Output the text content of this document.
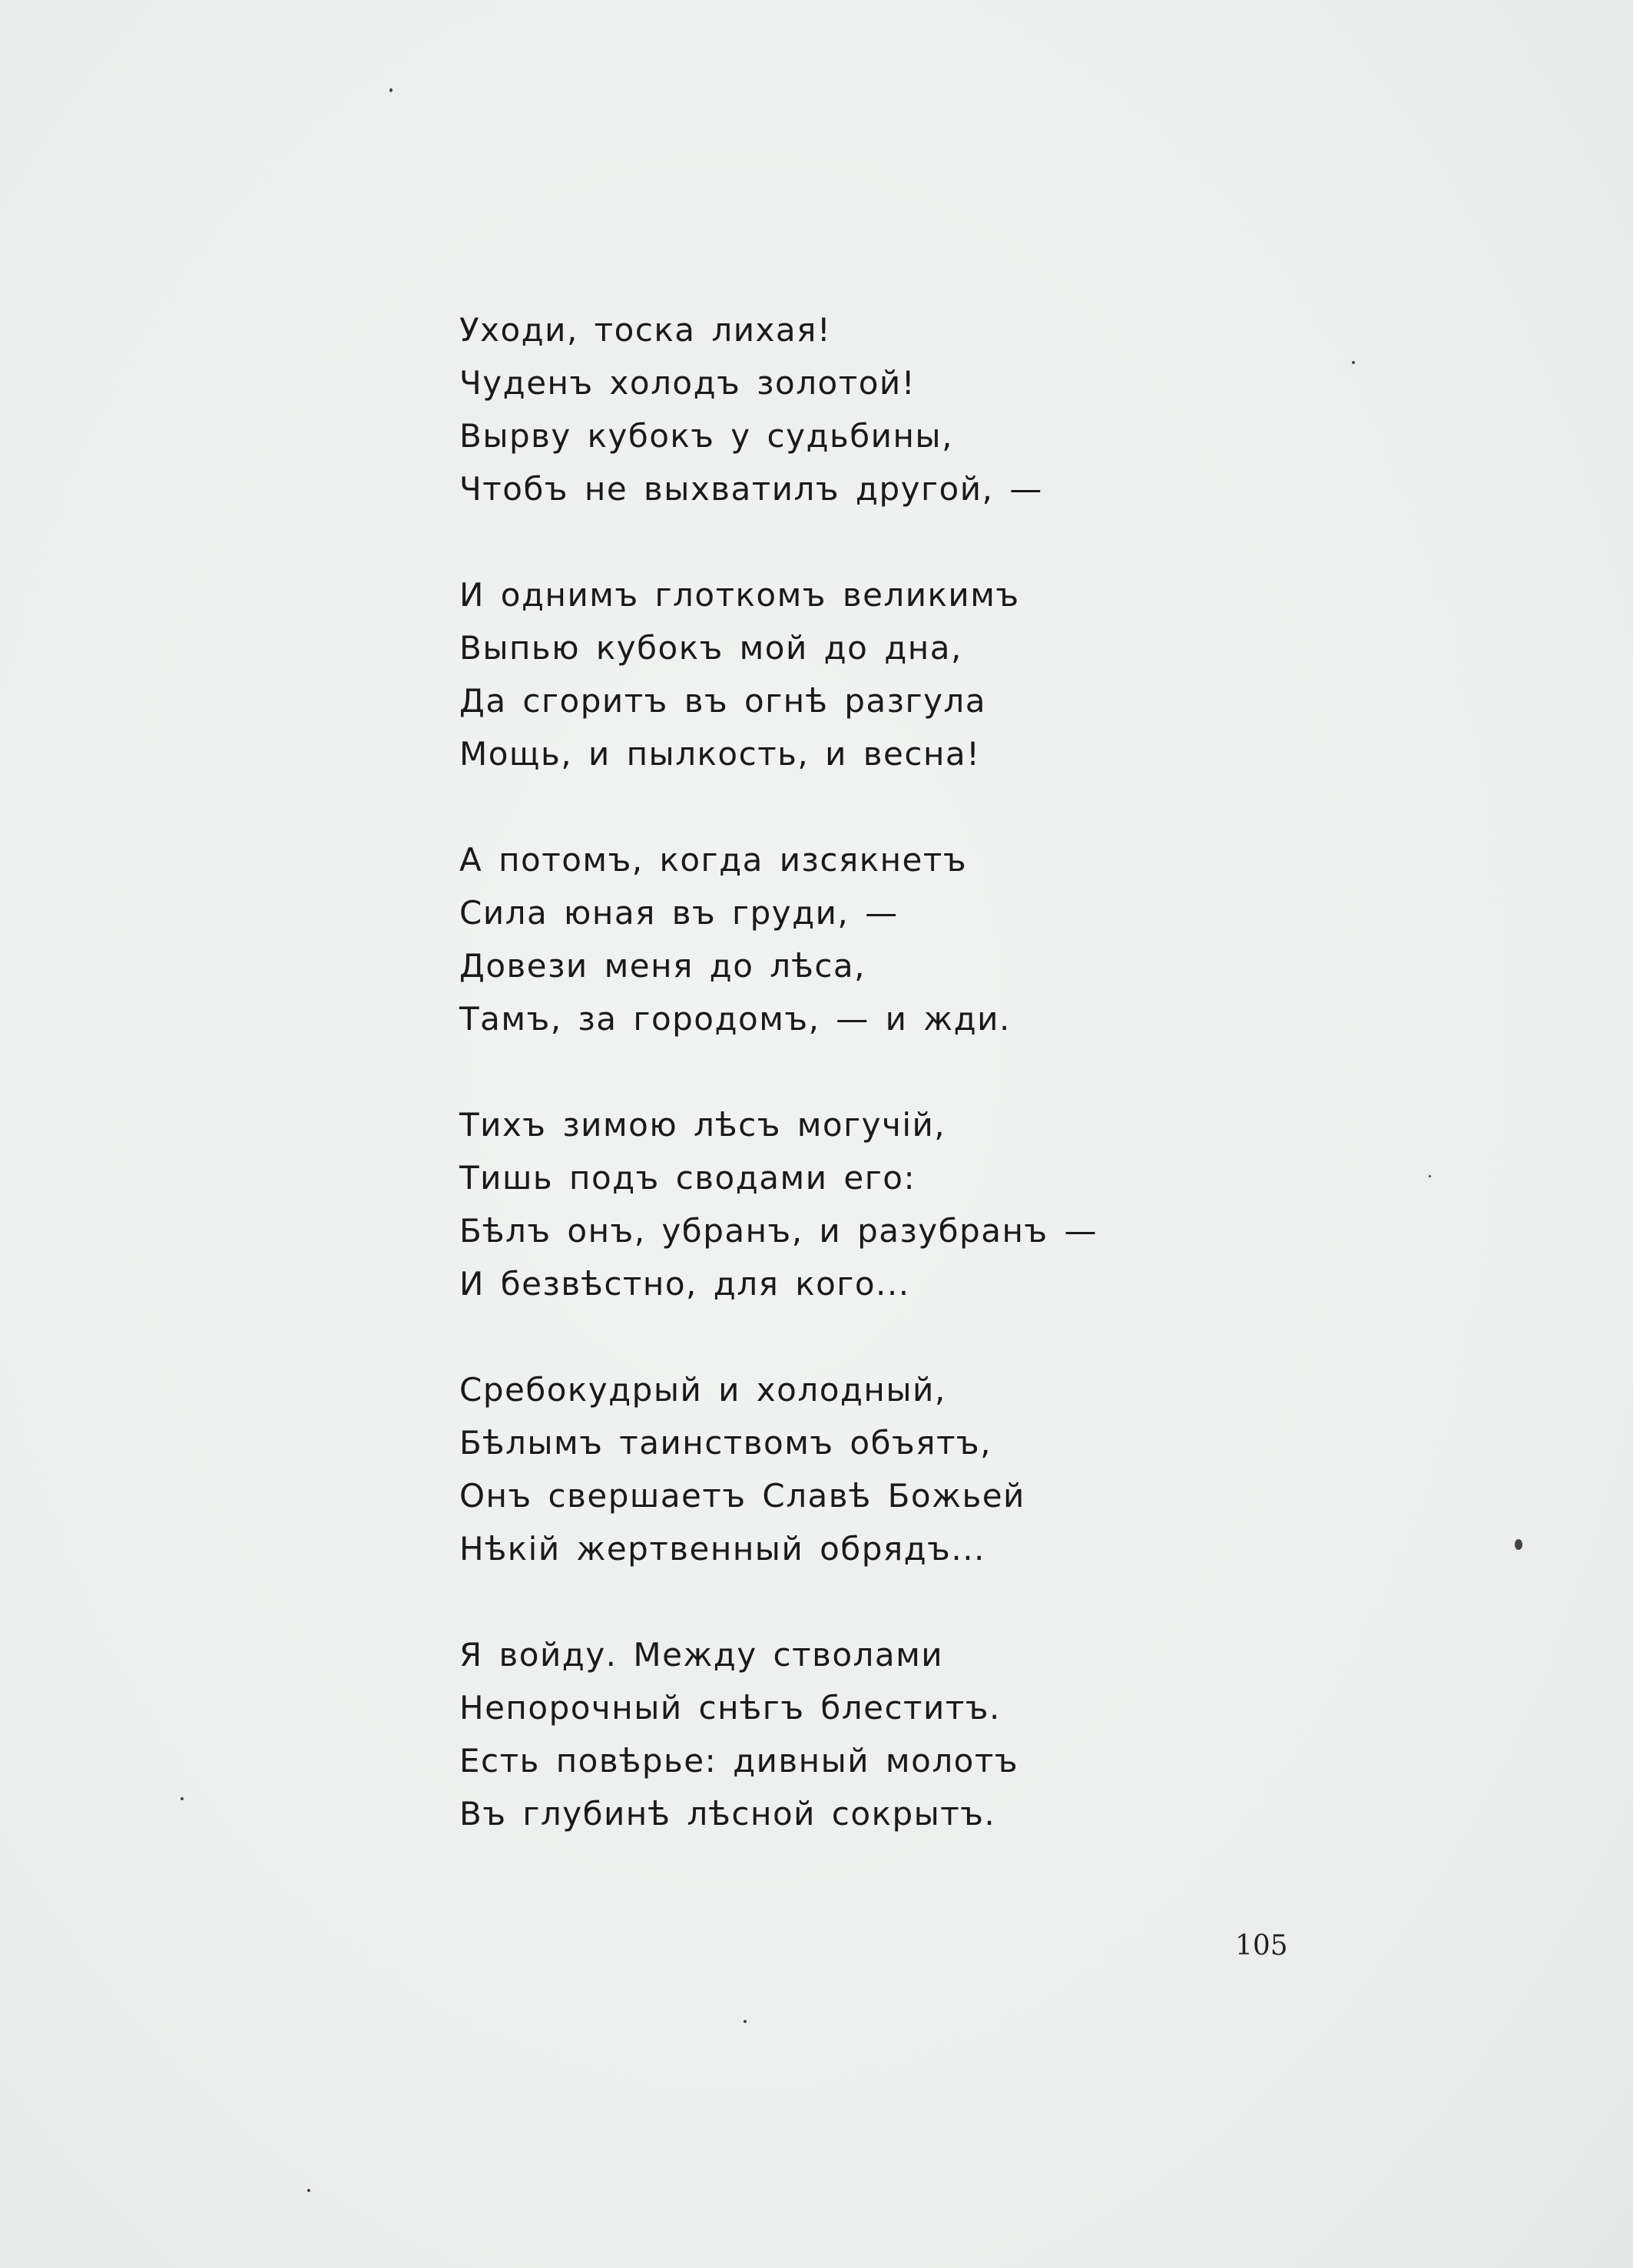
Уходи, тоска лихая!
Чуденъ холодъ золотой!
Вырву кубокъ у судьбины,
Чтобъ не выхватилъ другой, —
И однимъ глоткомъ великимъ
Выпью кубокъ мой до дна,
Да сгоритъ въ огнѣ разгула
Мощь, и пылкость, и весна!
А потомъ, когда изсякнетъ
Сила юная въ груди, —
Довези меня до лѣса,
Тамъ, за городомъ, — и жди.
Тихъ зимою лѣсъ могучій,
Тишь подъ сводами его:
Бѣлъ онъ, убранъ, и разубранъ —
И безвѣстно, для кого...
Сребокудрый и холодный,
Бѣлымъ таинствомъ объятъ,
Онъ свершаетъ Славѣ Божьей
Нѣкій жертвенный обрядъ...
Я войду. Между стволами
Непорочный снѣгъ блеститъ.
Есть повѣрье: дивный молотъ
Въ глубинѣ лѣсной сокрытъ.
105
